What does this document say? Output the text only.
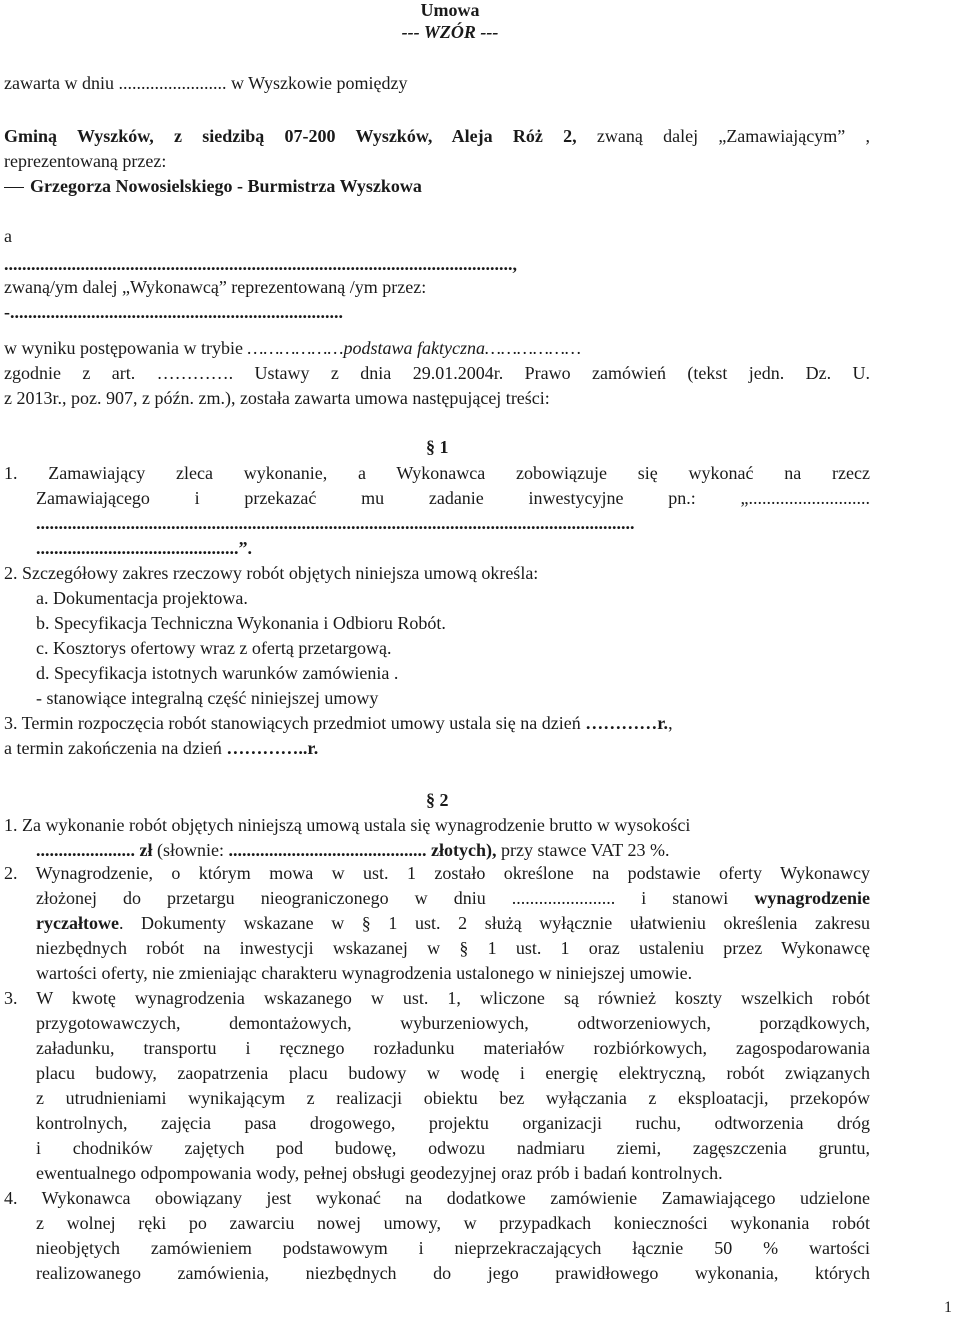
Umowa
--- WZÓR ---
zawarta w dniu ........................ w Wyszkowie pomiędzy
Gminą Wyszków, z siedzibą 07-200 Wyszków, Aleja Róż 2, zwaną dalej „Zamawiającym” ,
reprezentowaną przez:
Grzegorza Nowosielskiego - Burmistrza Wyszkowa
a
.................................................................................................................,
zwaną/ym dalej „Wykonawcą” reprezentowaną /ym przez:
-..........................................................................
w wyniku postępowania w trybie ………………podstawa faktyczna………………
zgodnie z art. …………. Ustawy z dnia 29.01.2004r. Prawo zamówień (tekst jedn. Dz. U.
z 2013r., poz. 907, z późn. zm.), została zawarta umowa następującej treści:
§ 1
1. Zamawiający zleca wykonanie, a Wykonawca zobowiązuje się wykonać na rzecz
Zamawiającego i przekazać mu zadanie inwestycyjne pn.: „...........................
.....................................................................................................................................
.............................................”.
2. Szczegółowy zakres rzeczowy robót objętych niniejsza umową określa:
a. Dokumentacja projektowa.
b. Specyfikacja Techniczna Wykonania i Odbioru Robót.
c. Kosztorys ofertowy wraz z ofertą przetargową.
d. Specyfikacja istotnych warunków zamówienia .
- stanowiące integralną część niniejszej umowy
3. Termin rozpoczęcia robót stanowiących przedmiot umowy ustala się na dzień …………r.,
a termin zakończenia na dzień …………..r.
§ 2
1. Za wykonanie robót objętych niniejszą umową ustala się wynagrodzenie brutto w wysokości
...................... zł (słownie: ............................................ złotych), przy stawce VAT 23 %.
2. Wynagrodzenie, o którym mowa w ust. 1 zostało określone na podstawie oferty Wykonawcy
złożonej do przetargu nieograniczonego w dniu ....................... i stanowi wynagrodzenie
ryczałtowe. Dokumenty wskazane w § 1 ust. 2 służą wyłącznie ułatwieniu określenia zakresu
niezbędnych robót na inwestycji wskazanej w § 1 ust. 1 oraz ustaleniu przez Wykonawcę
wartości oferty, nie zmieniając charakteru wynagrodzenia ustalonego w niniejszej umowie.
3. W kwotę wynagrodzenia wskazanego w ust. 1, wliczone są również koszty wszelkich robót
przygotowawczych, demontażowych, wyburzeniowych, odtworzeniowych, porządkowych,
załadunku, transportu i ręcznego rozładunku materiałów rozbiórkowych, zagospodarowania
placu budowy, zaopatrzenia placu budowy w wodę i energię elektryczną, robót związanych
z utrudnieniami wynikającym z realizacji obiektu bez wyłączania z eksploatacji, przekopów
kontrolnych, zajęcia pasa drogowego, projektu organizacji ruchu, odtworzenia dróg
i chodników zajętych pod budowę, odwozu nadmiaru ziemi, zagęszczenia gruntu,
ewentualnego odpompowania wody, pełnej obsługi geodezyjnej oraz prób i badań kontrolnych.
4. Wykonawca obowiązany jest wykonać na dodatkowe zamówienie Zamawiającego udzielone
z wolnej ręki po zawarciu nowej umowy, w przypadkach konieczności wykonania robót
nieobjętych zamówieniem podstawowym i nieprzekraczających łącznie 50 % wartości
realizowanego zamówienia, niezbędnych do jego prawidłowego wykonania, których
1
